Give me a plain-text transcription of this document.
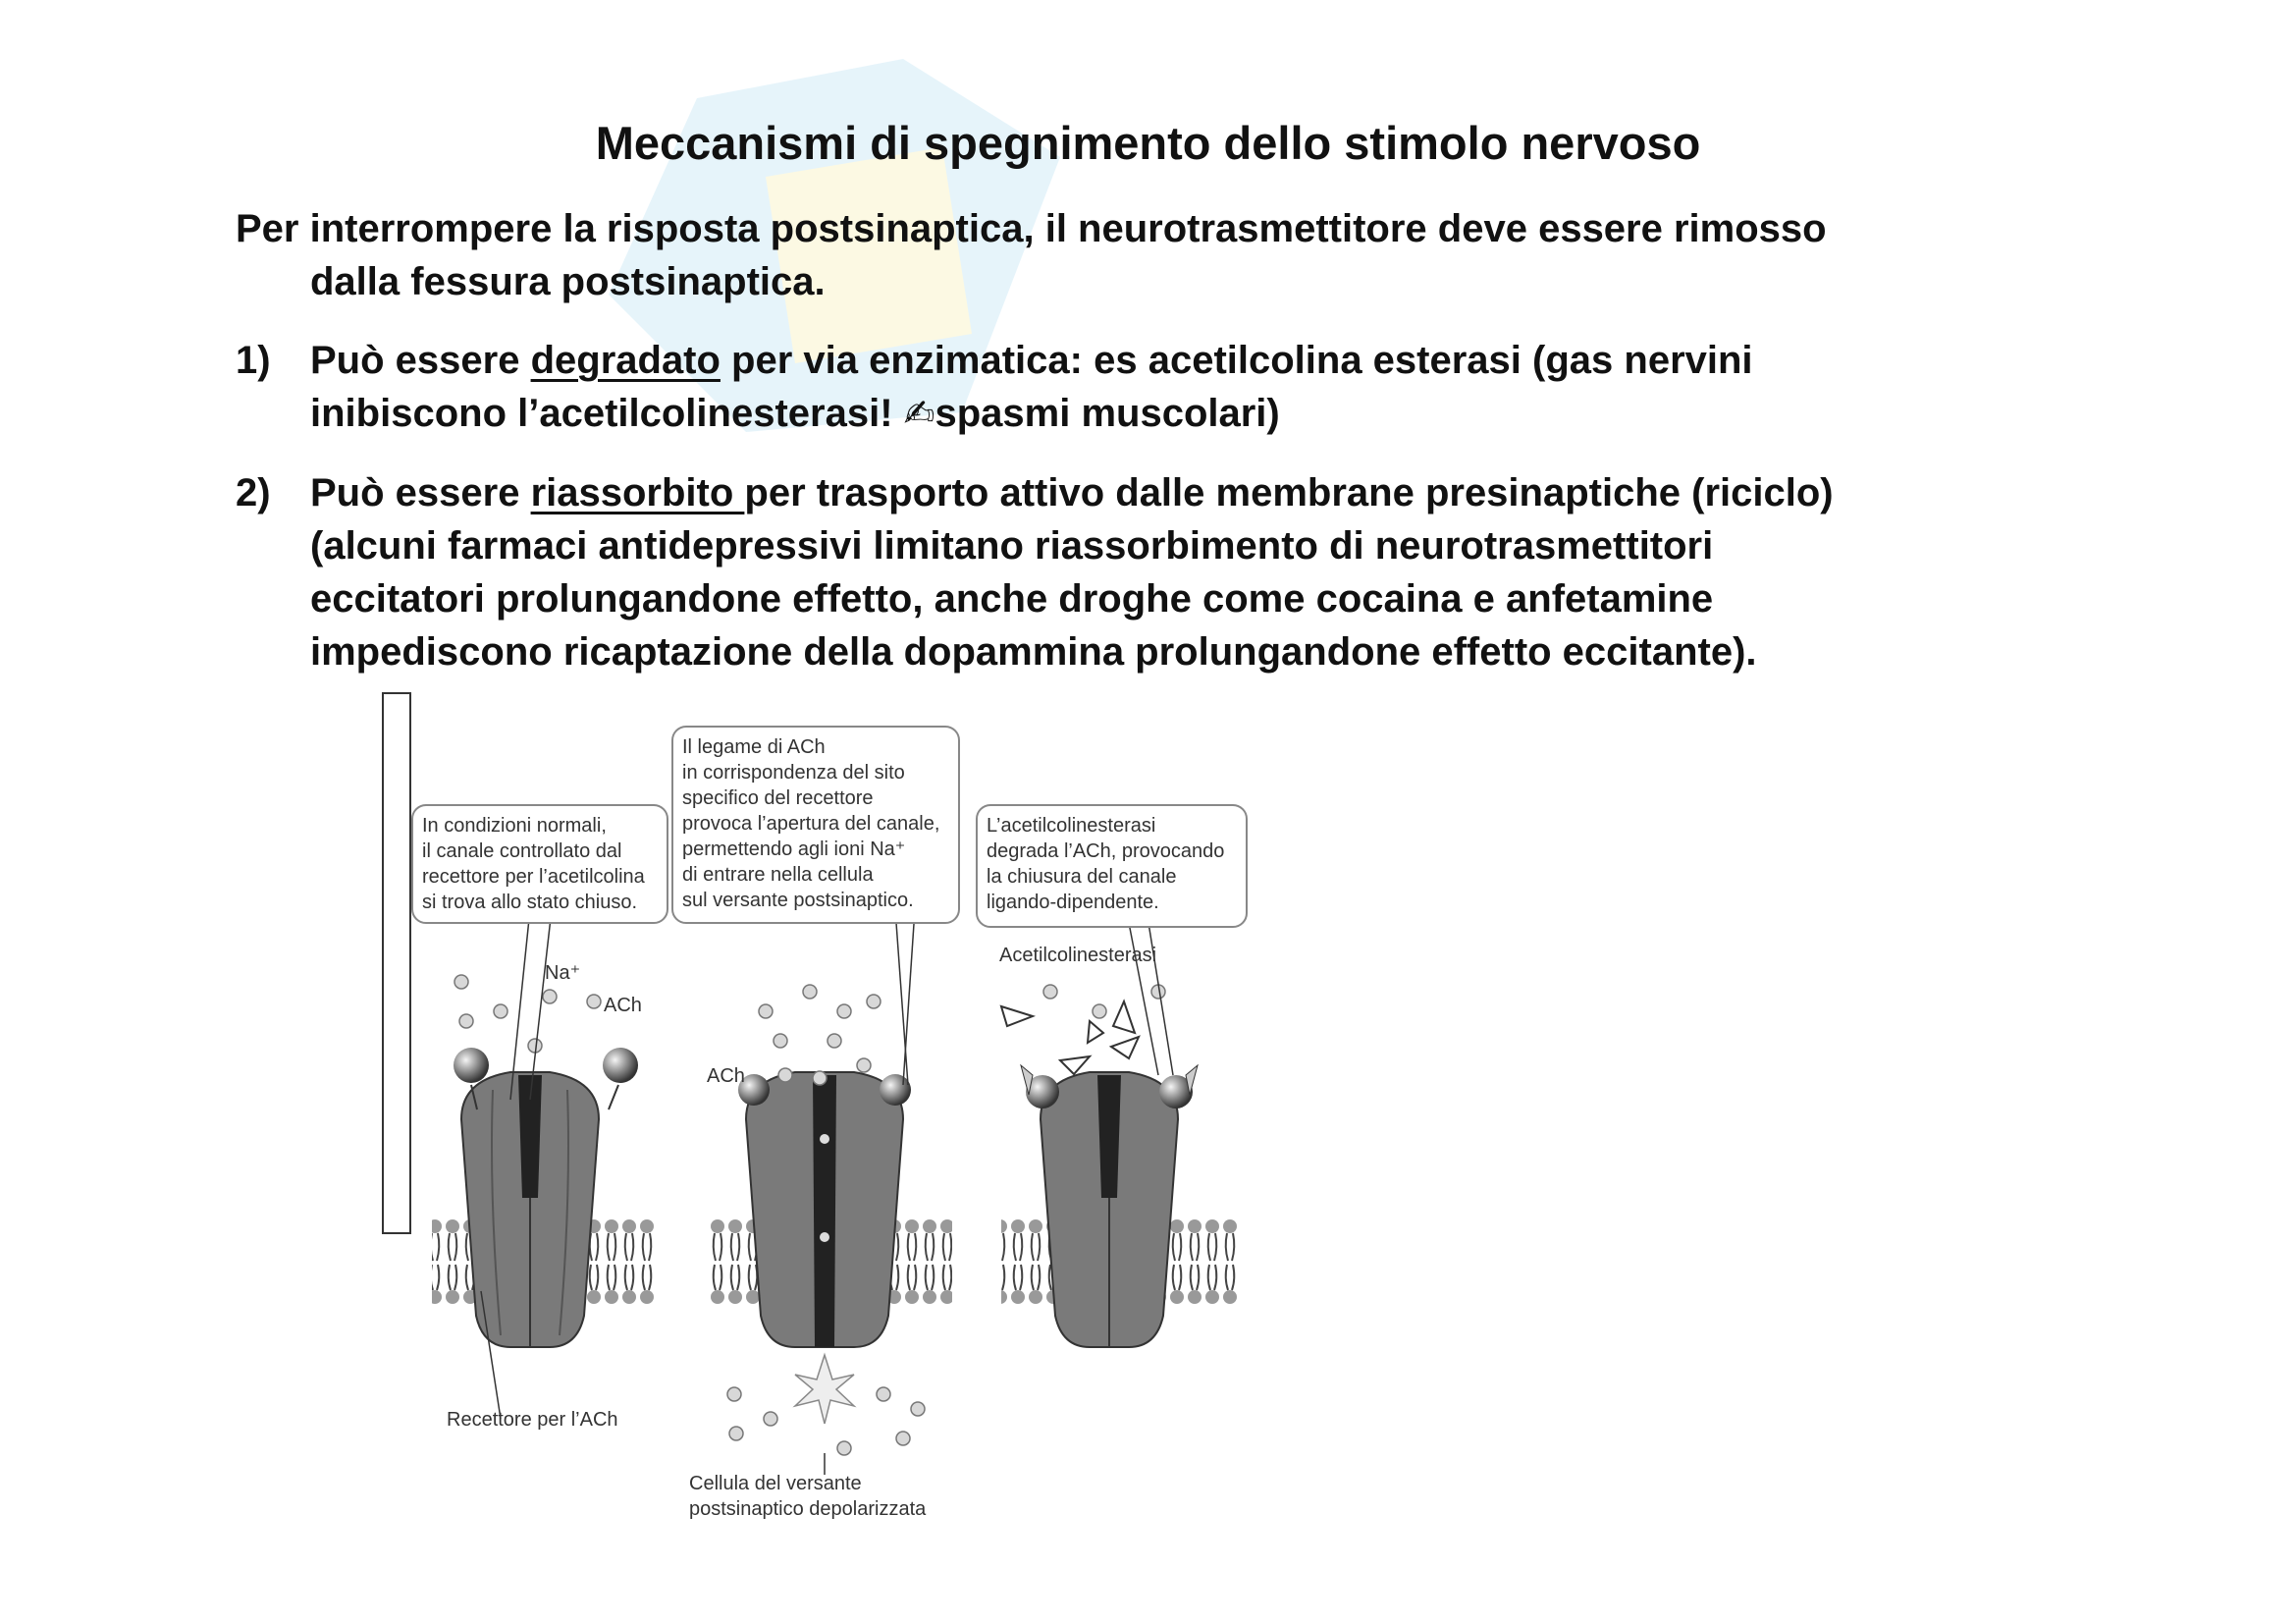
Meccanismi di spegnimento dello stimolo nervoso
Per interrompere la risposta postsinaptica, il neurotrasmettitore deve essere rimosso
dalla fessura postsinaptica.
1)	Può essere degradato per via enzimatica: es acetilcolina esterasi (gas nervini
inibiscono l’acetilcolinesterasi! ✍spasmi muscolari)
2)	Può essere riassorbito per trasporto attivo dalle membrane presinaptiche (riciclo)
(alcuni farmaci antidepressivi limitano riassorbimento di neurotrasmettitori
eccitatori prolungandone effetto, anche droghe come cocaina e anfetamine
impediscono ricaptazione della dopammina prolungandone effetto eccitante).
In condizioni normali,
il canale controllato dal
recettore per l’acetilcolina
si trova allo stato chiuso.
Il legame di ACh
in corrispondenza del sito
specifico del recettore
provoca l’apertura del canale,
permettendo agli ioni Na⁺
di entrare nella cellula
sul versante postsinaptico.
L’acetilcolinesterasi
degrada l’ACh, provocando
la chiusura del canale
ligando-dipendente.
Na⁺
ACh
ACh
Acetilcolinesterasi
Recettore per l’ACh
Cellula del versante
postsinaptico depolarizzata
